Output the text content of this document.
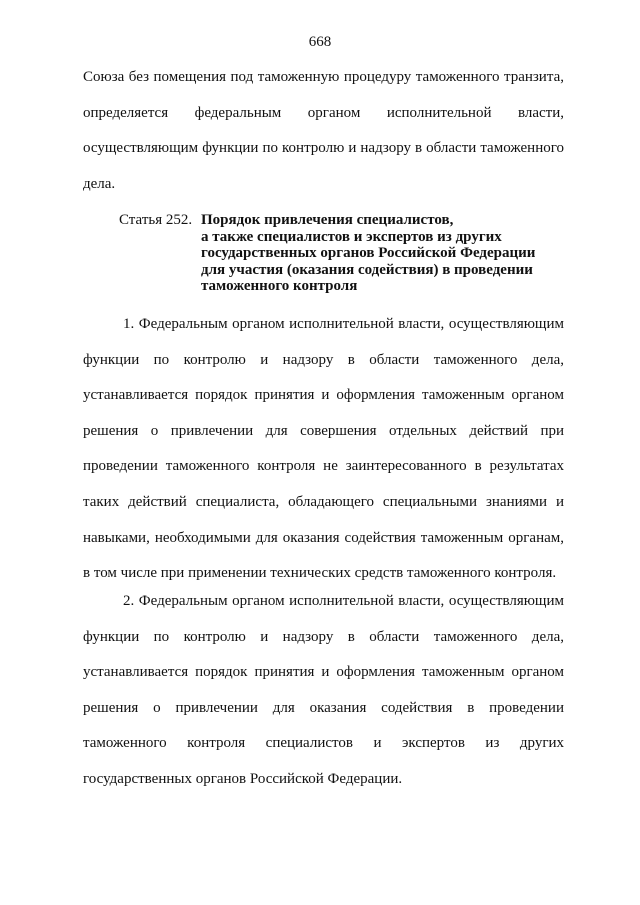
668
Союза без помещения под таможенную процедуру таможенного транзита,
определяется федеральным органом исполнительной власти,
осуществляющим функции по контролю и надзору в области таможенного
дела.
Статья 252. Порядок привлечения специалистов,
а также специалистов и экспертов из других
государственных органов Российской Федерации
для участия (оказания содействия) в проведении
таможенного контроля
1. Федеральным органом исполнительной власти, осуществляющим
функции по контролю и надзору в области таможенного дела,
устанавливается порядок принятия и оформления таможенным органом
решения о привлечении для совершения отдельных действий при
проведении таможенного контроля не заинтересованного в результатах
таких действий специалиста, обладающего специальными знаниями и
навыками, необходимыми для оказания содействия таможенным органам,
в том числе при применении технических средств таможенного контроля.
2. Федеральным органом исполнительной власти, осуществляющим
функции по контролю и надзору в области таможенного дела,
устанавливается порядок принятия и оформления таможенным органом
решения о привлечении для оказания содействия в проведении
таможенного контроля специалистов и экспертов из других
государственных органов Российской Федерации.
